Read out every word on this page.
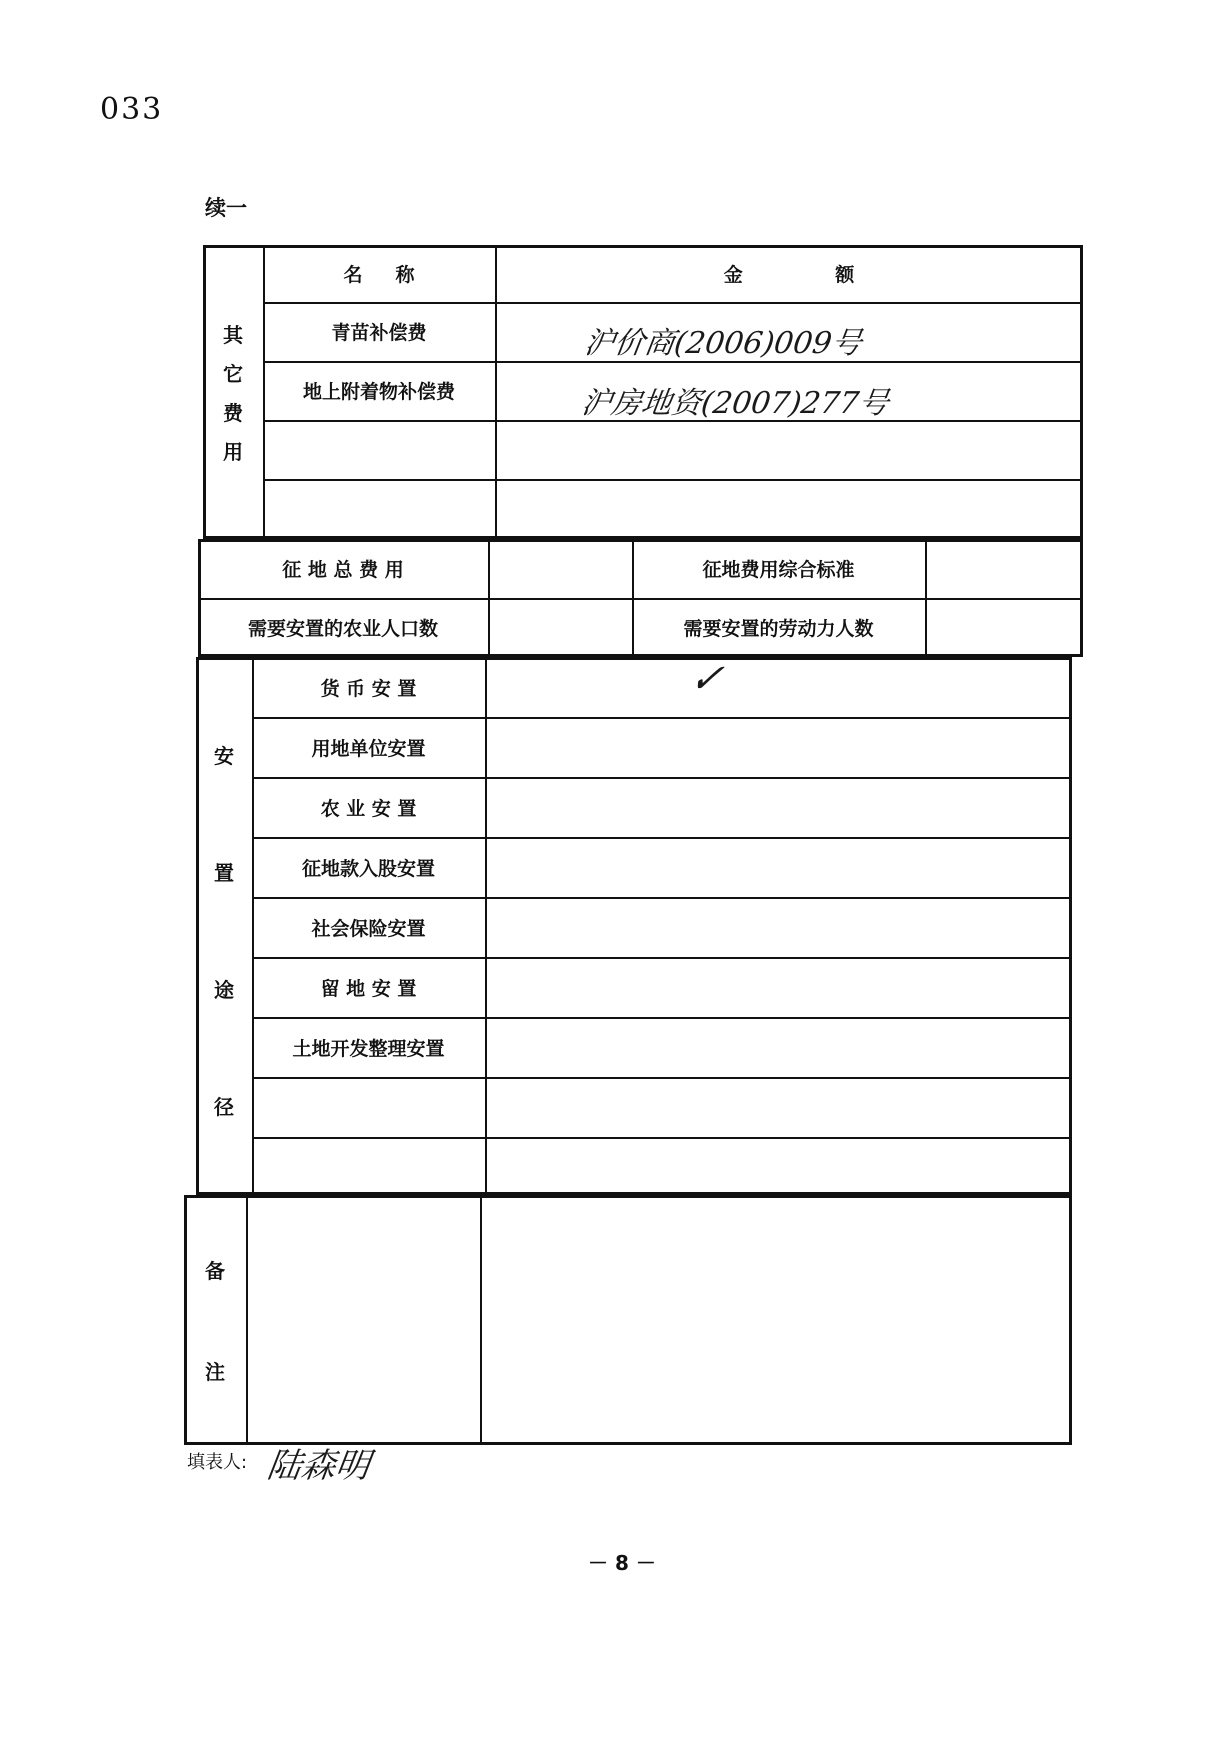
033
续一
其
它
费
用
名     称	金              额
青苗补偿费	沪价商(2006)009号
地上附着物补偿费	沪房地资(2007)277号
征 地 总 费 用	征地费用综合标准
需要安置的农业人口数	需要安置的劳动力人数
安
置
途
径
货 币 安 置	✓
用地单位安置
农 业 安 置
征地款入股安置
社会保险安置
留 地 安 置
土地开发整理安置
备
注
填表人: 陆森明
－ 8 －
